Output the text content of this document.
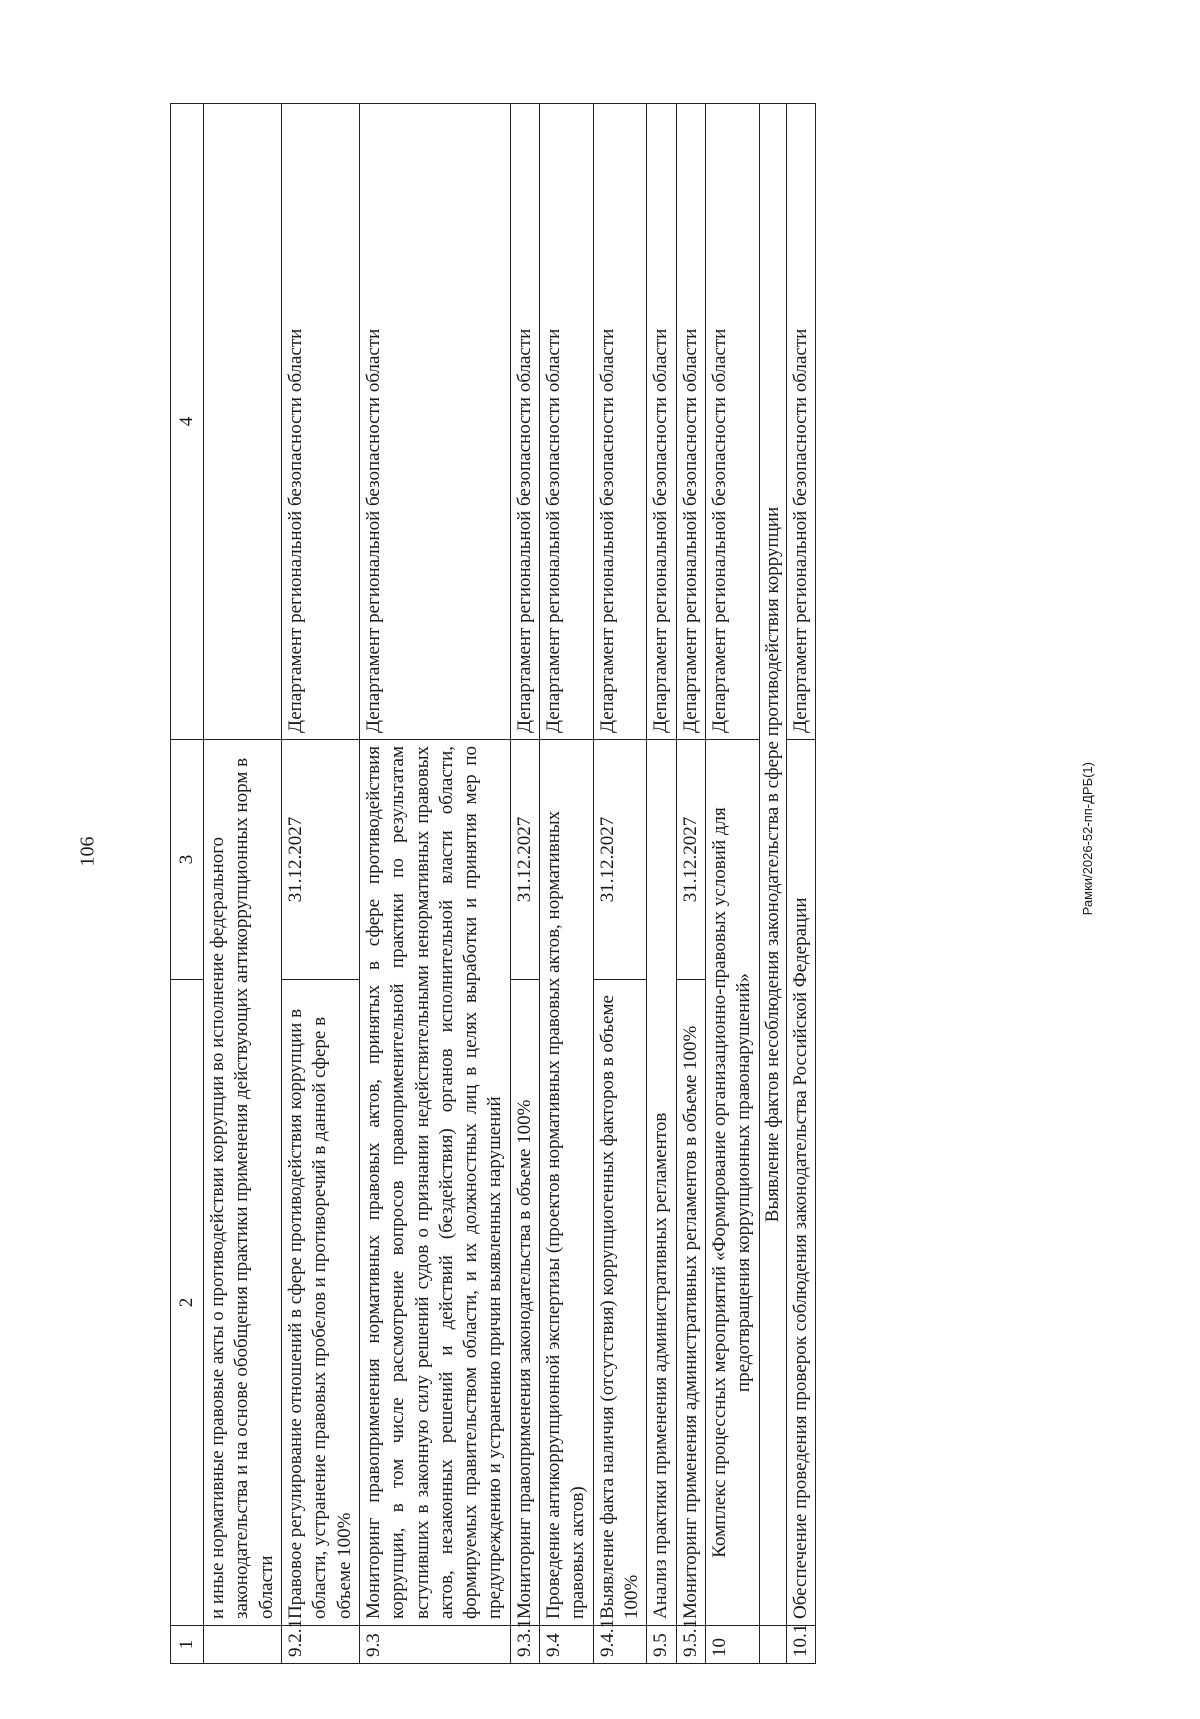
106	Рамки/2026-52-пп-ДРБ(1)
1	2	3	4
	и иные нормативные правовые акты о противодействии коррупции во исполнение федерального законодательства и на основе обобщения практики применения действующих антикоррупционных норм в области		
9.2.1	Правовое регулирование отношений в сфере противодействия коррупции в области, устранение правовых пробелов и противоречий в данной сфере в объеме 100%	31.12.2027	Департамент региональной безопасности области
9.3	Мониторинг правоприменения нормативных правовых актов, принятых в сфере противодействия коррупции, в том числе рассмотрение вопросов правоприменительной практики по результатам вступивших в законную силу решений судов о признании недействительными ненормативных правовых актов, незаконных решений и действий (бездействия) органов исполнительной власти области, формируемых правительством области, и их должностных лиц в целях выработки и принятия мер по предупреждению и устранению причин выявленных нарушений		Департамент региональной безопасности области
9.3.1	Мониторинг правоприменения законодательства в объеме 100%	31.12.2027	Департамент региональной безопасности области
9.4	Проведение антикоррупционной экспертизы (проектов нормативных правовых актов, нормативных правовых актов)		Департамент региональной безопасности области
9.4.1	Выявление факта наличия (отсутствия) коррупциогенных факторов в объеме 100%	31.12.2027	Департамент региональной безопасности области
9.5	Анализ практики применения административных регламентов		Департамент региональной безопасности области
9.5.1	Мониторинг применения административных регламентов в объеме 100%	31.12.2027	Департамент региональной безопасности области
10	Комплекс процессных мероприятий «Формирование организационно-правовых условий для предотвращения коррупционных правонарушений»		Департамент региональной безопасности области
	Выявление фактов несоблюдения законодательства в сфере противодействия коррупции		
10.1	Обеспечение проведения проверок соблюдения законодательства Российской Федерации		Департамент региональной безопасности области
